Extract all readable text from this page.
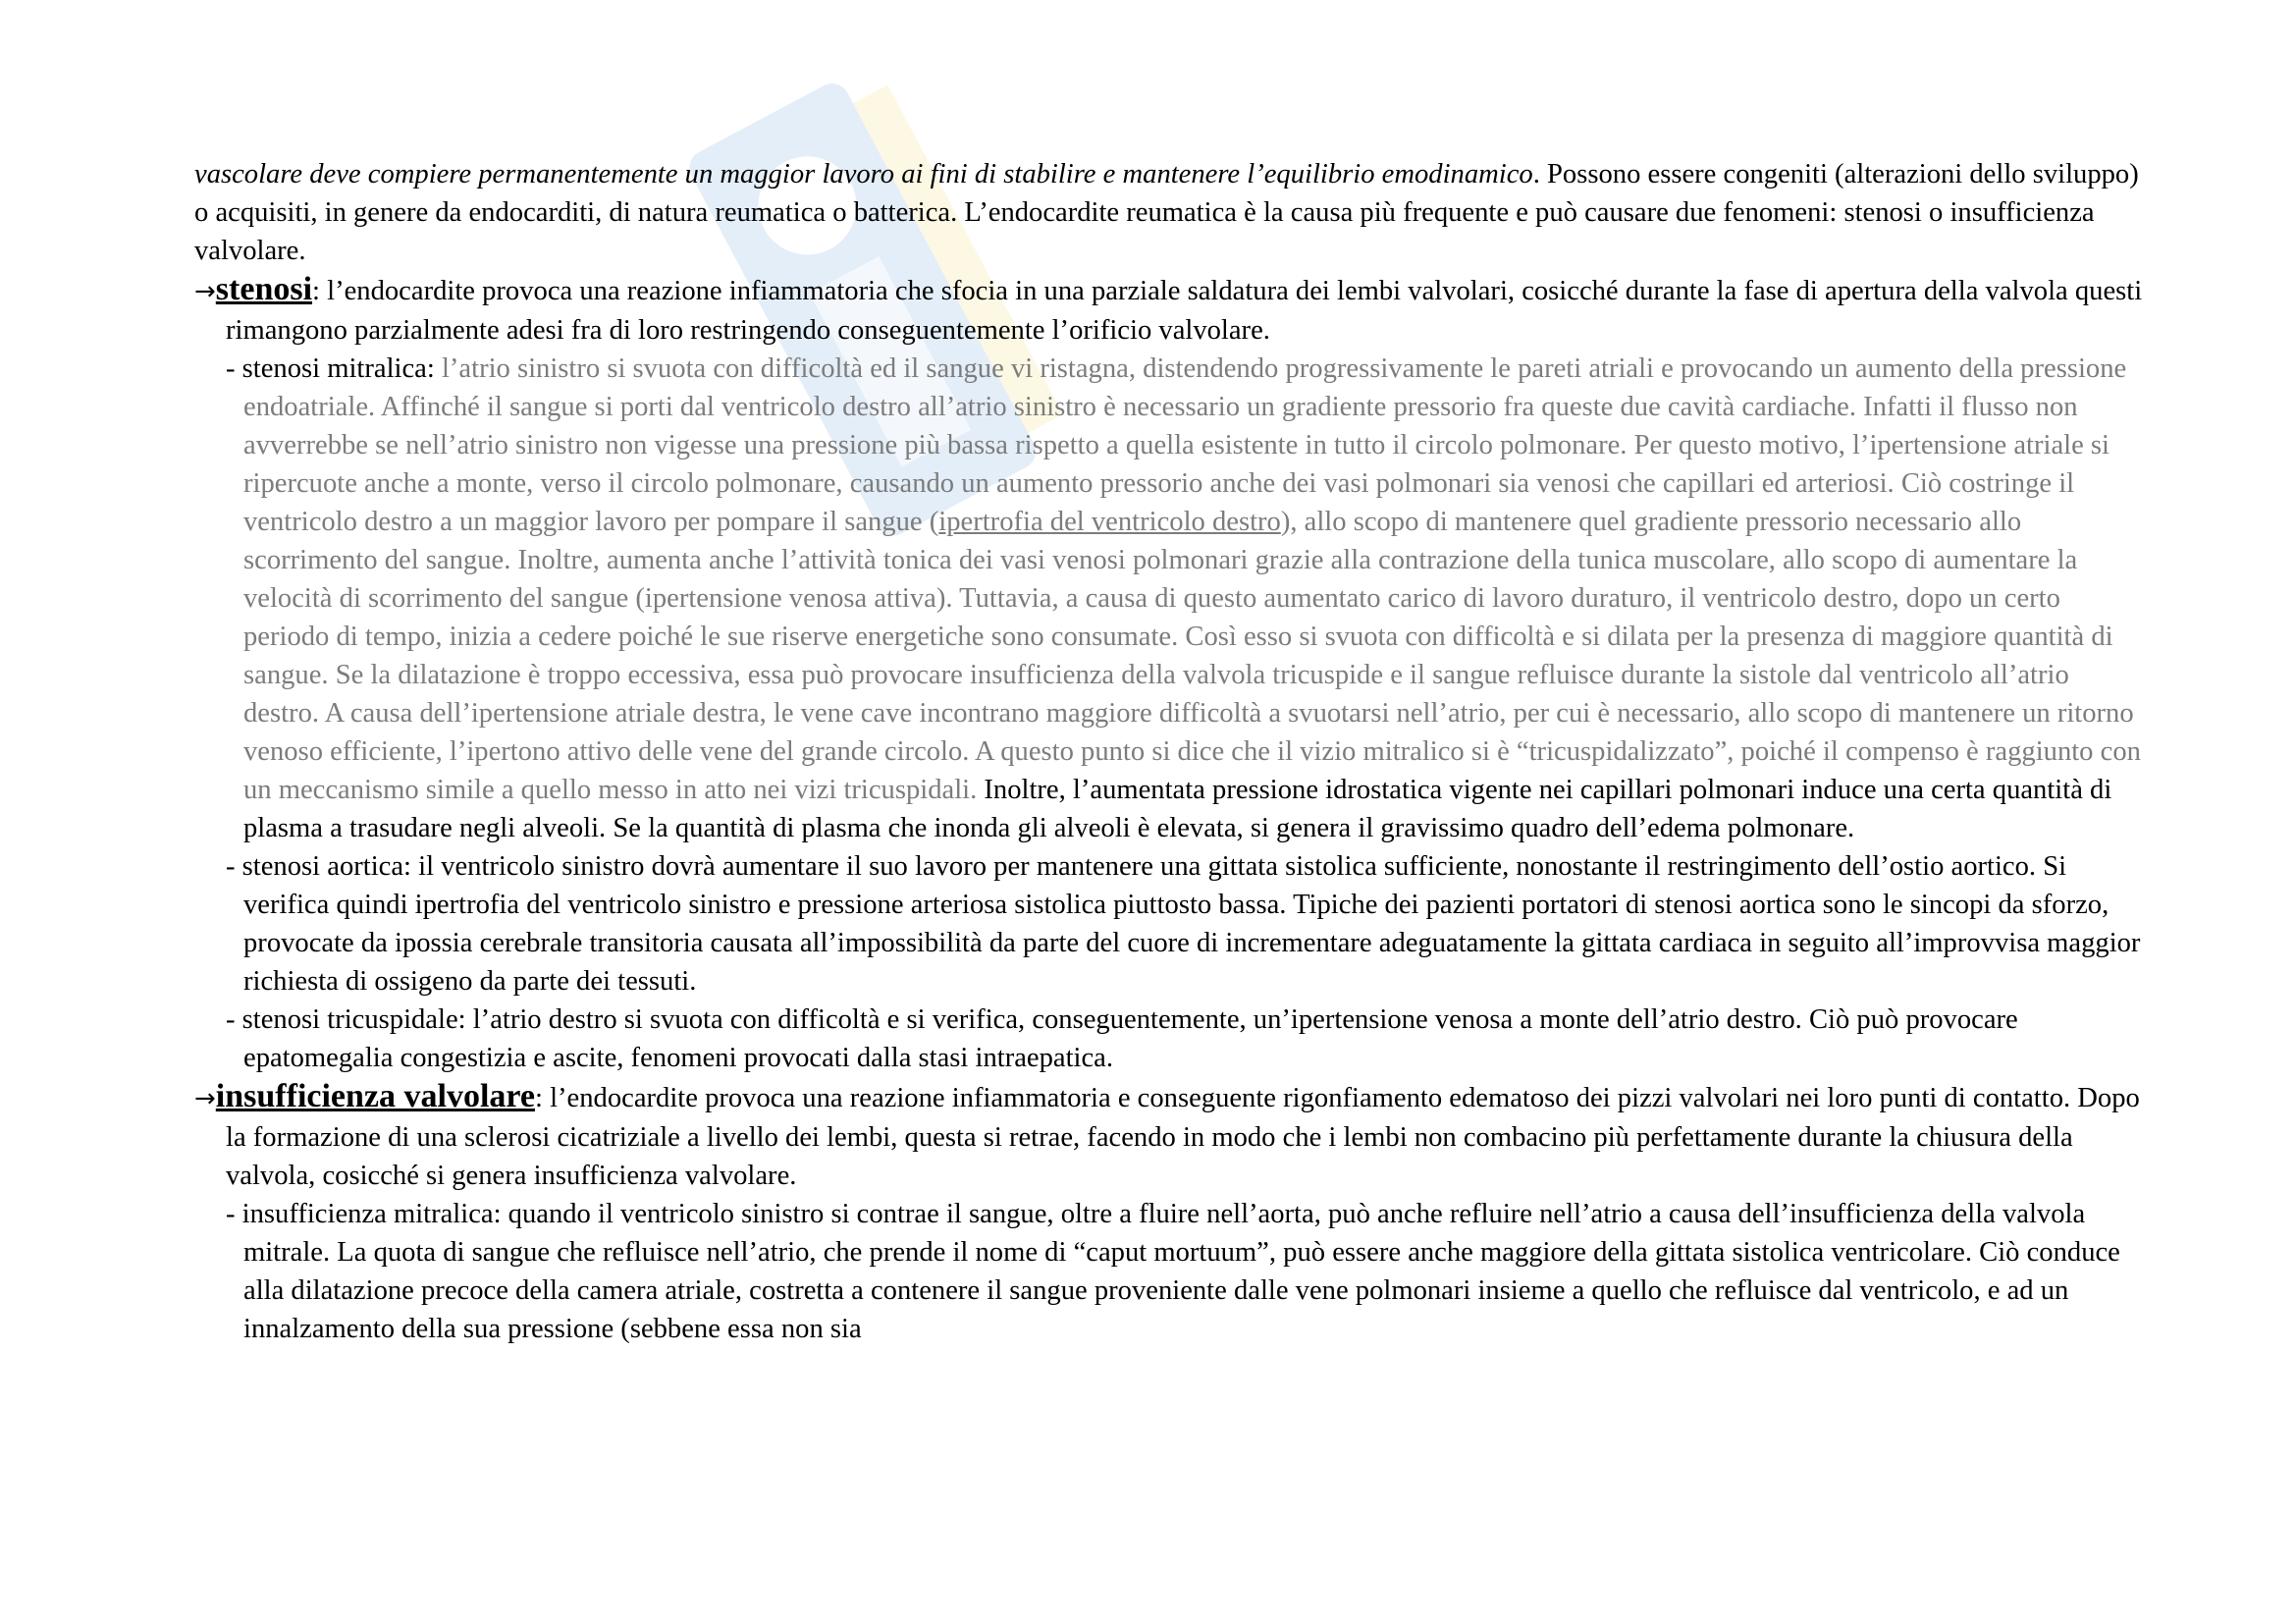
vascolare deve compiere permanentemente un maggior lavoro ai fini di stabilire e mantenere l’equilibrio emodinamico. Possono essere congeniti (alterazioni dello sviluppo) o acquisiti, in genere da endocarditi, di natura reumatica o batterica. L’endocardite reumatica è la causa più frequente e può causare due fenomeni: stenosi o insufficienza valvolare.

→stenosi: l’endocardite provoca una reazione infiammatoria che sfocia in una parziale saldatura dei lembi valvolari, cosicché durante la fase di apertura della valvola questi rimangono parzialmente adesi fra di loro restringendo conseguentemente l’orificio valvolare.

- stenosi mitralica: l’atrio sinistro si svuota con difficoltà ed il sangue vi ristagna, distendendo progressivamente le pareti atriali e provocando un aumento della pressione endoatriale. Affinché il sangue si porti dal ventricolo destro all’atrio sinistro è necessario un gradiente pressorio fra queste due cavità cardiache. Infatti il flusso non avverrebbe se nell’atrio sinistro non vigesse una pressione più bassa rispetto a quella esistente in tutto il circolo polmonare. Per questo motivo, l’ipertensione atriale si ripercuote anche a monte, verso il circolo polmonare, causando un aumento pressorio anche dei vasi polmonari sia venosi che capillari ed arteriosi. Ciò costringe il ventricolo destro a un maggior lavoro per pompare il sangue (ipertrofia del ventricolo destro), allo scopo di mantenere quel gradiente pressorio necessario allo scorrimento del sangue. Inoltre, aumenta anche l’attività tonica dei vasi venosi polmonari grazie alla contrazione della tunica muscolare, allo scopo di aumentare la velocità di scorrimento del sangue (ipertensione venosa attiva). Tuttavia, a causa di questo aumentato carico di lavoro duraturo, il ventricolo destro, dopo un certo periodo di tempo, inizia a cedere poiché le sue riserve energetiche sono consumate. Così esso si svuota con difficoltà e si dilata per la presenza di maggiore quantità di sangue. Se la dilatazione è troppo eccessiva, essa può provocare insufficienza della valvola tricuspide e il sangue refluisce durante la sistole dal ventricolo all’atrio destro. A causa dell’ipertensione atriale destra, le vene cave incontrano maggiore difficoltà a svuotarsi nell’atrio, per cui è necessario, allo scopo di mantenere un ritorno venoso efficiente, l’ipertono attivo delle vene del grande circolo. A questo punto si dice che il vizio mitralico si è “tricuspidalizzato”, poiché il compenso è raggiunto con un meccanismo simile a quello messo in atto nei vizi tricuspidali. Inoltre, l’aumentata pressione idrostatica vigente nei capillari polmonari induce una certa quantità di plasma a trasudare negli alveoli. Se la quantità di plasma che inonda gli alveoli è elevata, si genera il gravissimo quadro dell’edema polmonare.

- stenosi aortica: il ventricolo sinistro dovrà aumentare il suo lavoro per mantenere una gittata sistolica sufficiente, nonostante il restringimento dell’ostio aortico. Si verifica quindi ipertrofia del ventricolo sinistro e pressione arteriosa sistolica piuttosto bassa. Tipiche dei pazienti portatori di stenosi aortica sono le sincopi da sforzo, provocate da ipossia cerebrale transitoria causata all’impossibilità da parte del cuore di incrementare adeguatamente la gittata cardiaca in seguito all’improvvisa maggior richiesta di ossigeno da parte dei tessuti.

- stenosi tricuspidale: l’atrio destro si svuota con difficoltà e si verifica, conseguentemente, un’ipertensione venosa a monte dell’atrio destro. Ciò può provocare epatomegalia congestizia e ascite, fenomeni provocati dalla stasi intraepatica.

→insufficienza valvolare: l’endocardite provoca una reazione infiammatoria e conseguente rigonfiamento edematoso dei pizzi valvolari nei loro punti di contatto. Dopo la formazione di una sclerosi cicatriziale a livello dei lembi, questa si retrae, facendo in modo che i lembi non combacino più perfettamente durante la chiusura della valvola, cosicché si genera insufficienza valvolare.

- insufficienza mitralica: quando il ventricolo sinistro si contrae il sangue, oltre a fluire nell’aorta, può anche refluire nell’atrio a causa dell’insufficienza della valvola mitrale. La quota di sangue che refluisce nell’atrio, che prende il nome di “caput mortuum”, può essere anche maggiore della gittata sistolica ventricolare. Ciò conduce alla dilatazione precoce della camera atriale, costretta a contenere il sangue proveniente dalle vene polmonari insieme a quello che refluisce dal ventricolo, e ad un innalzamento della sua pressione (sebbene essa non sia
